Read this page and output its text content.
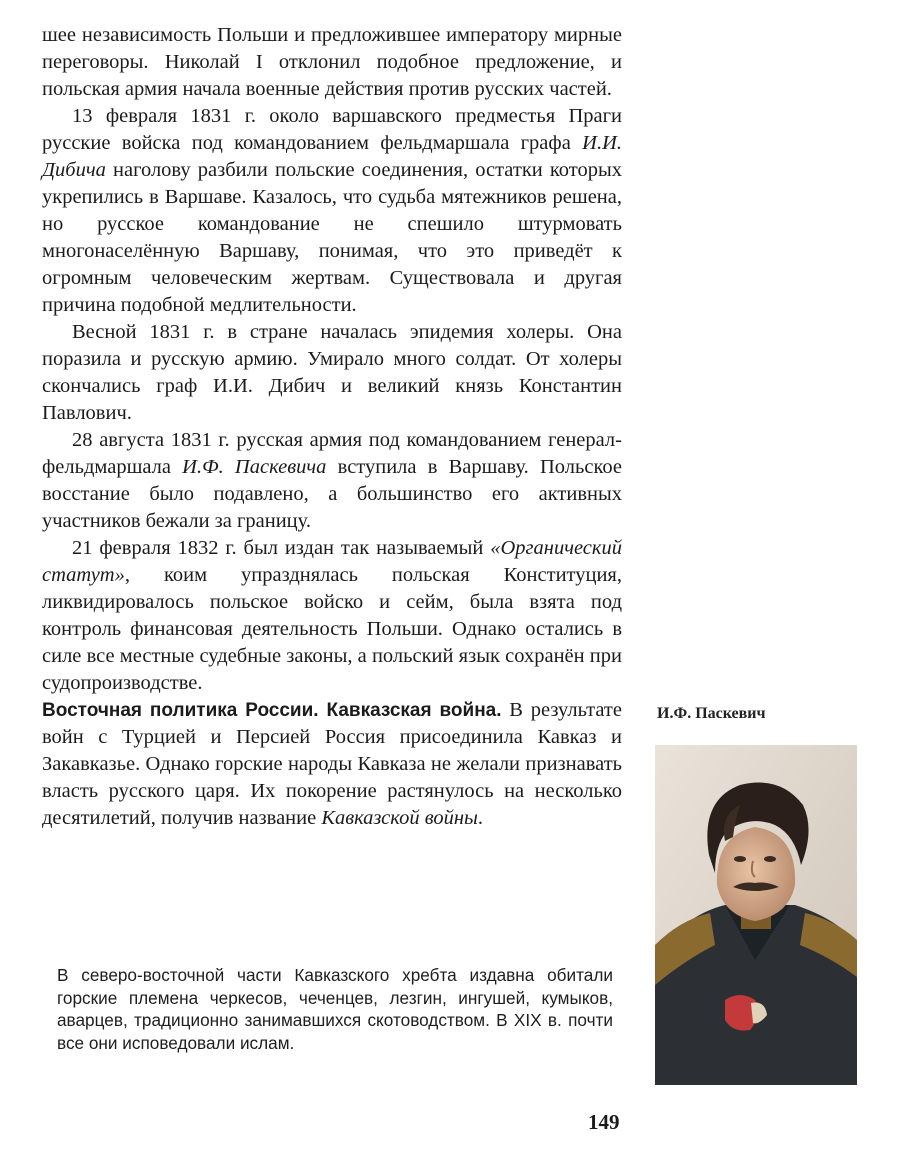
шее независимость Польши и предложившее императору мирные переговоры. Николай I отклонил подобное предложение, и польская армия начала военные действия против русских частей.

13 февраля 1831 г. около варшавского предместья Праги русские войска под командованием фельдмаршала графа И.И. Дибича наголову разбили польские соединения, остатки которых укрепились в Варшаве. Казалось, что судьба мятежников решена, но русское командование не спешило штурмовать многонаселённую Варшаву, понимая, что это приведёт к огромным человеческим жертвам. Существовала и другая причина подобной медлительности.

Весной 1831 г. в стране началась эпидемия холеры. Она поразила и русскую армию. Умирало много солдат. От холеры скончались граф И.И. Дибич и великий князь Константин Павлович.

28 августа 1831 г. русская армия под командованием генерал-фельдмаршала И.Ф. Паскевича вступила в Варшаву. Польское восстание было подавлено, а большинство его активных участников бежали за границу.

21 февраля 1832 г. был издан так называемый «Органический статут», коим упразднялась польская Конституция, ликвидировалось польское войско и сейм, была взята под контроль финансовая деятельность Польши. Однако остались в силе все местные судебные законы, а польский язык сохранён при судопроизводстве.

Восточная политика России. Кавказская война. В результате войн с Турцией и Персией Россия присоединила Кавказ и Закавказье. Однако горские народы Кавказа не желали признавать власть русского царя. Их покорение растянулось на несколько десятилетий, получив название Кавказской войны.

В северо-восточной части Кавказского хребта издавна обитали горские племена черкесов, чеченцев, лезгин, ингушей, кумыков, аварцев, традиционно занимавшихся скотоводством. В XIX в. почти все они исповедовали ислам.
И.Ф. Паскевич
149
